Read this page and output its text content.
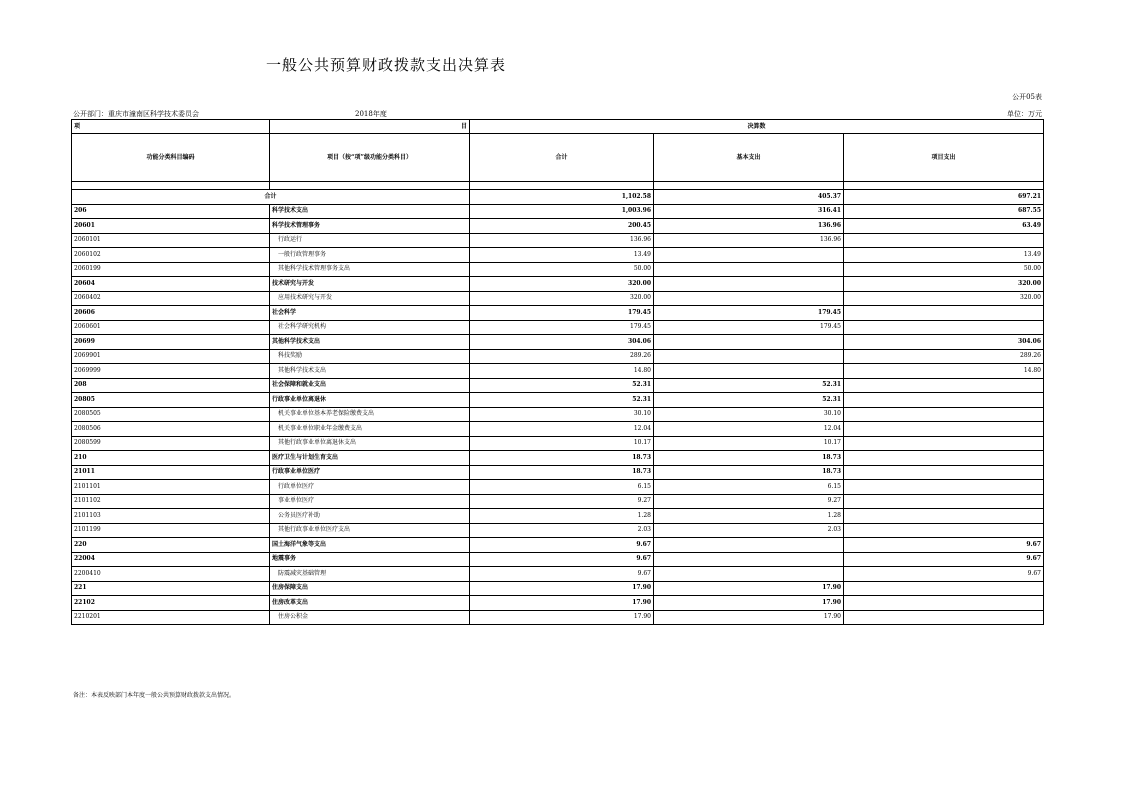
一般公共预算财政拨款支出决算表
公开05表
公开部门：重庆市潼南区科学技术委员会	2018年度	单位：万元
项	目	决算数		
功能分类科目编码	项目（按“项”级功能分类科目）	合计	基本支出	项目支出

合计		1,102.58	405.37	697.21
206	科学技术支出	1,003.96	316.41	687.55
20601	科学技术管理事务	200.45	136.96	63.49
2060101	行政运行	136.96	136.96	
2060102	一般行政管理事务	13.49		13.49
2060199	其他科学技术管理事务支出	50.00		50.00
20604	技术研究与开发	320.00		320.00
2060402	应用技术研究与开发	320.00		320.00
20606	社会科学	179.45	179.45	
2060601	社会科学研究机构	179.45	179.45	
20699	其他科学技术支出	304.06		304.06
2069901	科技奖励	289.26		289.26
2069999	其他科学技术支出	14.80		14.80
208	社会保障和就业支出	52.31	52.31	
20805	行政事业单位离退休	52.31	52.31	
2080505	机关事业单位基本养老保险缴费支出	30.10	30.10	
2080506	机关事业单位职业年金缴费支出	12.04	12.04	
2080599	其他行政事业单位离退休支出	10.17	10.17	
210	医疗卫生与计划生育支出	18.73	18.73	
21011	行政事业单位医疗	18.73	18.73	
2101101	行政单位医疗	6.15	6.15	
2101102	事业单位医疗	9.27	9.27	
2101103	公务员医疗补助	1.28	1.28	
2101199	其他行政事业单位医疗支出	2.03	2.03	
220	国土海洋气象等支出	9.67		9.67
22004	地震事务	9.67		9.67
2200410	防震减灾基础管理	9.67		9.67
221	住房保障支出	17.90	17.90	
22102	住房改革支出	17.90	17.90	
2210201	住房公积金	17.90	17.90	
备注：本表反映部门本年度一般公共预算财政拨款支出情况。
